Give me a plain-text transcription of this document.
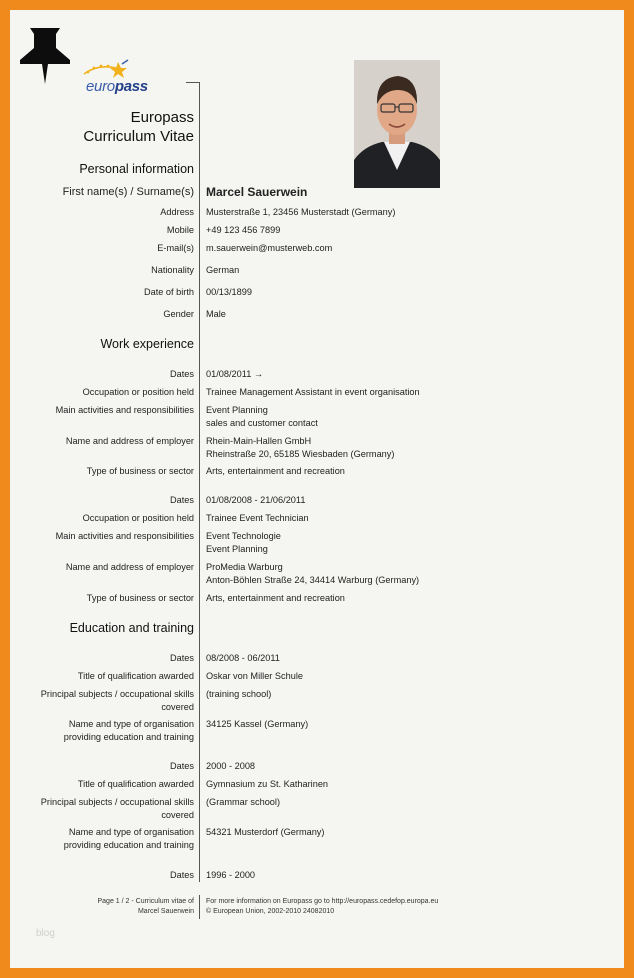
europass
Europass
Curriculum Vitae
Personal information
First name(s) / Surname(s) Marcel Sauerwein
Address Musterstraße 1, 23456 Musterstadt (Germany)
Mobile +49 123 456 7899
E-mail(s) m.sauerwein@musterweb.com
Nationality German
Date of birth 00/13/1899
Gender Male
Work experience
Dates 01/08/2011 →
Occupation or position held Trainee Management Assistant in event organisation
Main activities and responsibilities Event Planning
sales and customer contact
Name and address of employer Rhein-Main-Hallen GmbH
Rheinstraße 20, 65185 Wiesbaden (Germany)
Type of business or sector Arts, entertainment and recreation
Dates 01/08/2008 - 21/06/2011
Occupation or position held Trainee Event Technician
Main activities and responsibilities Event Technologie
Event Planning
Name and address of employer ProMedia Warburg
Anton-Böhlen Straße 24, 34414 Warburg (Germany)
Type of business or sector Arts, entertainment and recreation
Education and training
Dates 08/2008 - 06/2011
Title of qualification awarded Oskar von Miller Schule
Principal subjects / occupational skills
covered
(training school)
Name and type of organisation
providing education and training
34125 Kassel (Germany)
Dates 2000 - 2008
Title of qualification awarded Gymnasium zu St. Katharinen
Principal subjects / occupational skills
covered
(Grammar school)
Name and type of organisation
providing education and training
54321 Musterdorf (Germany)
Dates 1996 - 2000
Page 1 / 2 - Curriculum vitae of
Marcel Sauerwein
For more information on Europass go to http://europass.cedefop.europa.eu
© European Union, 2002-2010 24082010
blog
